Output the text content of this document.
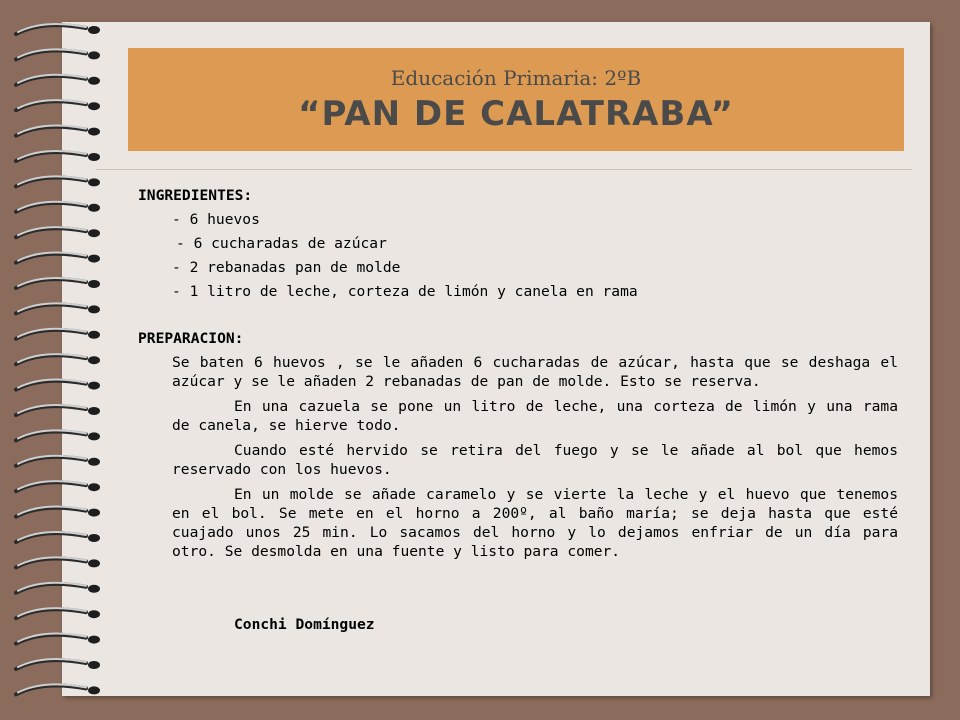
Educación Primaria: 2ºB
“PAN DE CALATRABA”

INGREDIENTES:

- 6 huevos
- 6 cucharadas de azúcar
- 2 rebanadas pan de molde
- 1 litro de leche, corteza de limón y canela en rama

PREPARACION:

Se baten 6 huevos , se le añaden 6 cucharadas de azúcar, hasta que se deshaga el azúcar y se le añaden 2 rebanadas de pan de molde. Esto se reserva.

En una cazuela se pone un litro de leche, una corteza de limón y una rama de canela, se hierve todo.

Cuando esté hervido se retira del fuego y se le añade al bol que hemos reservado con los huevos.

En un molde se añade caramelo y se vierte la leche y el huevo que tenemos en el bol. Se mete en el horno a 200º, al baño maría; se deja hasta que esté cuajado unos 25 min. Lo sacamos del horno y lo dejamos enfriar de un día para otro. Se desmolda en una fuente y listo para comer.

Conchi Domínguez
